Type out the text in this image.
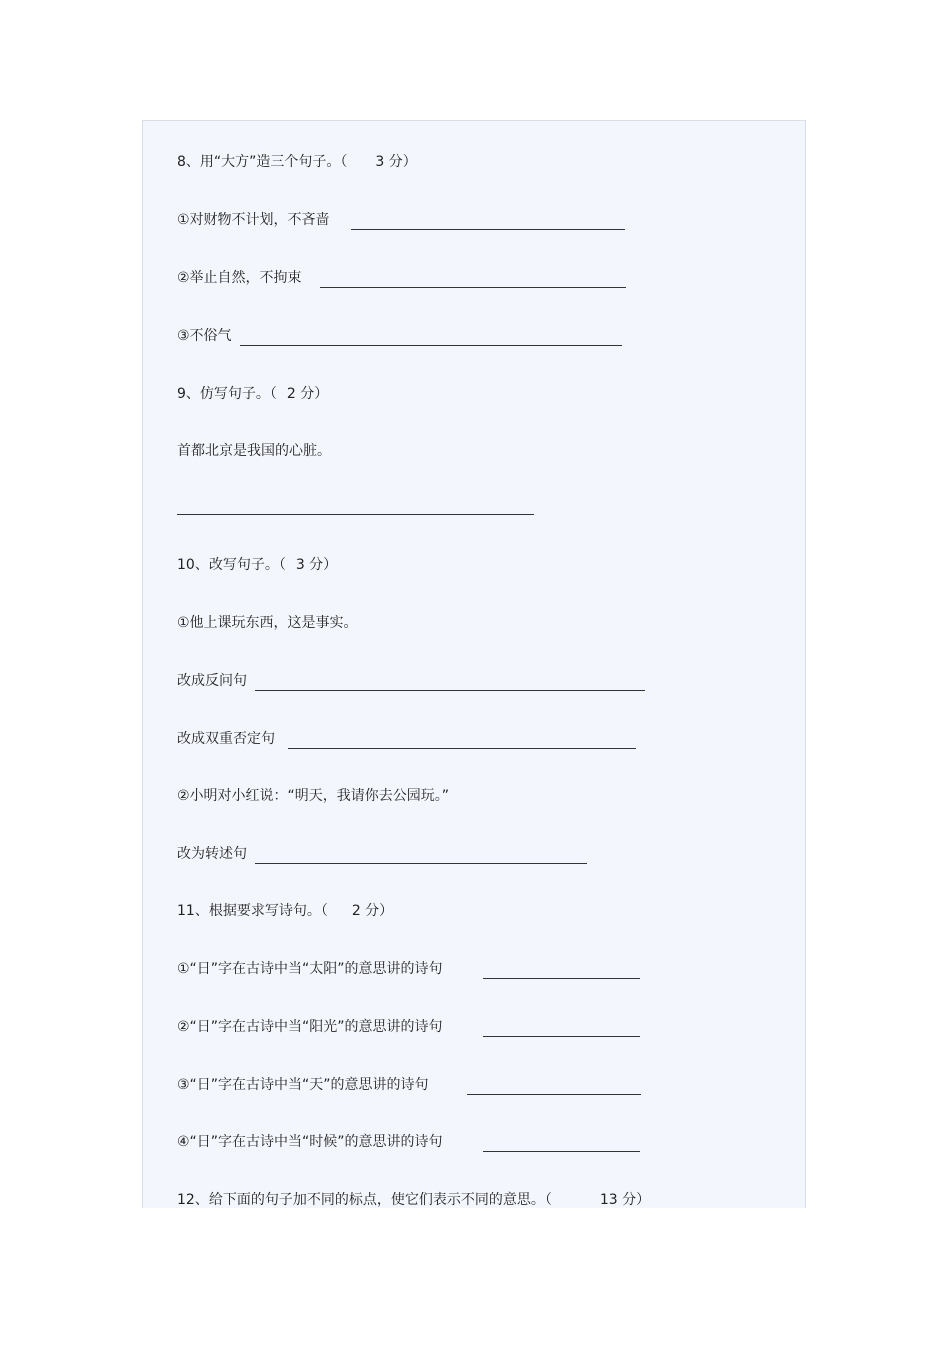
8、用“大方”造三个句子。（ 3 分）
①对财物不计划，不吝啬
②举止自然，不拘束
③不俗气
9、仿写句子。（ 2 分）
首都北京是我国的心脏。
10、改写句子。（ 3 分）
①他上课玩东西，这是事实。
改成反问句
改成双重否定句
②小明对小红说：“明天，我请你去公园玩。”
改为转述句
11、根据要求写诗句。（ 2 分）
①“日”字在古诗中当“太阳”的意思讲的诗句
②“日”字在古诗中当“阳光”的意思讲的诗句
③“日”字在古诗中当“天”的意思讲的诗句
④“日”字在古诗中当“时候”的意思讲的诗句
12、给下面的句子加不同的标点，使它们表示不同的意思。（	13 分）
